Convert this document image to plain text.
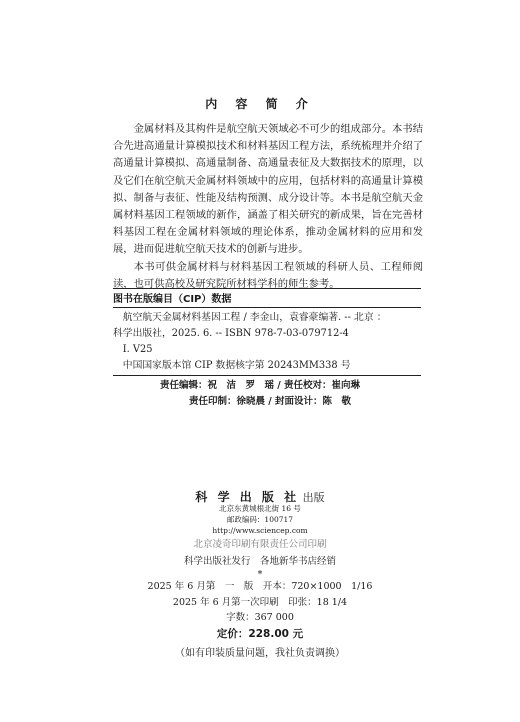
内 容 简 介

金属材料及其构件是航空航天领域必不可少的组成部分。本书结合先进高通量计算模拟技术和材料基因工程方法，系统梳理并介绍了高通量计算模拟、高通量制备、高通量表征及大数据技术的原理，以及它们在航空航天金属材料领域中的应用，包括材料的高通量计算模拟、制备与表征、性能及结构预测、成分设计等。本书是航空航天金属材料基因工程领域的新作，涵盖了相关研究的新成果，旨在完善材料基因工程在金属材料领域的理论体系，推动金属材料的应用和发展，进而促进航空航天技术的创新与进步。

本书可供金属材料与材料基因工程领域的科研人员、工程师阅读，也可供高校及研究院所材料学科的师生参考。

图书在版编目（CIP）数据
航空航天金属材料基因工程 / 李金山，袁睿豪编著. -- 北京 ：
科学出版社，2025. 6. -- ISBN 978-7-03-079712-4
Ⅰ. V25
中国国家版本馆 CIP 数据核字第 20243MM338 号
责任编辑：祝　洁　罗　瑶 / 责任校对：崔向琳
责任印制：徐晓晨 / 封面设计：陈　敬
科 学 出 版 社 出版
北京东黄城根北街 16 号
邮政编码：100717
http://www.sciencep.com
北京凌奇印刷有限责任公司印刷
科学出版社发行　各地新华书店经销
*
2025 年 6 月第　一　版　开本：720×1000　1/16
2025 年 6 月第一次印刷　印张：18 1/4
字数：367 000
定价：228.00 元
（如有印装质量问题，我社负责调换）
